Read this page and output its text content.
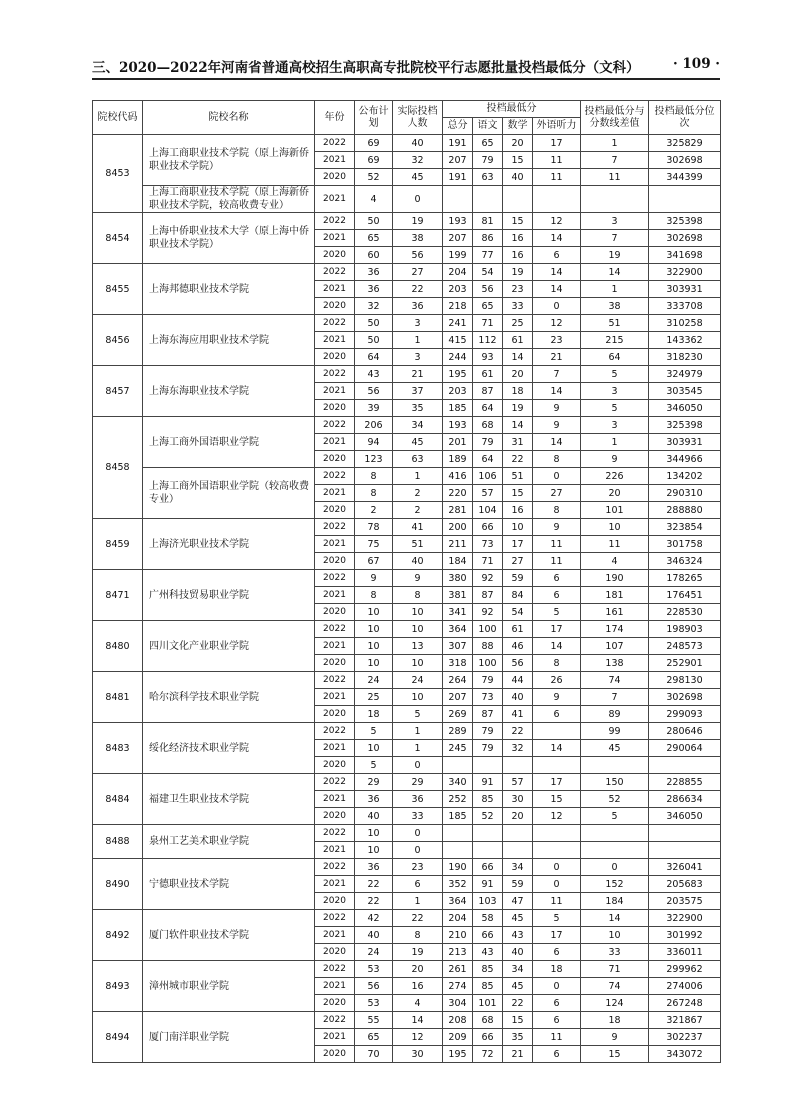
三、2020—2022年河南省普通高校招生高职高专批院校平行志愿批量投档最低分（文科） · 109 ·
院校代码	院校名称	年份	公布计划	实际投档人数	投档最低分				投档最低分与分数线差值	投档最低分位次
					总分	语文	数学	外语听力		
8453	上海工商职业技术学院（原上海新侨职业技术学院）	2022	69	40	191	65	20	17	1	325829
		2021	69	32	207	79	15	11	7	302698
		2020	52	45	191	63	40	11	11	344399
	上海工商职业技术学院（原上海新侨职业技术学院，较高收费专业）	2021	4	0						
8454	上海中侨职业技术大学（原上海中侨职业技术学院）	2022	50	19	193	81	15	12	3	325398
		2021	65	38	207	86	16	14	7	302698
		2020	60	56	199	77	16	6	19	341698
8455	上海邦德职业技术学院	2022	36	27	204	54	19	14	14	322900
		2021	36	22	203	56	23	14	1	303931
		2020	32	36	218	65	33	0	38	333708
8456	上海东海应用职业技术学院	2022	50	3	241	71	25	12	51	310258
		2021	50	1	415	112	61	23	215	143362
		2020	64	3	244	93	14	21	64	318230
8457	上海东海职业技术学院	2022	43	21	195	61	20	7	5	324979
		2021	56	37	203	87	18	14	3	303545
		2020	39	35	185	64	19	9	5	346050
8458	上海工商外国语职业学院	2022	206	34	193	68	14	9	3	325398
		2021	94	45	201	79	31	14	1	303931
		2020	123	63	189	64	22	8	9	344966
	上海工商外国语职业学院（较高收费专业）	2022	8	1	416	106	51	0	226	134202
		2021	8	2	220	57	15	27	20	290310
		2020	2	2	281	104	16	8	101	288880
8459	上海济光职业技术学院	2022	78	41	200	66	10	9	10	323854
		2021	75	51	211	73	17	11	11	301758
		2020	67	40	184	71	27	11	4	346324
8471	广州科技贸易职业学院	2022	9	9	380	92	59	6	190	178265
		2021	8	8	381	87	84	6	181	176451
		2020	10	10	341	92	54	5	161	228530
8480	四川文化产业职业学院	2022	10	10	364	100	61	17	174	198903
		2021	10	13	307	88	46	14	107	248573
		2020	10	10	318	100	56	8	138	252901
8481	哈尔滨科学技术职业学院	2022	24	24	264	79	44	26	74	298130
		2021	25	10	207	73	40	9	7	302698
		2020	18	5	269	87	41	6	89	299093
8483	绥化经济技术职业学院	2022	5	1	289	79	22		99	280646
		2021	10	1	245	79	32	14	45	290064
		2020	5	0						
8484	福建卫生职业技术学院	2022	29	29	340	91	57	17	150	228855
		2021	36	36	252	85	30	15	52	286634
		2020	40	33	185	52	20	12	5	346050
8488	泉州工艺美术职业学院	2022	10	0						
		2021	10	0						
8490	宁德职业技术学院	2022	36	23	190	66	34	0	0	326041
		2021	22	6	352	91	59	0	152	205683
		2020	22	1	364	103	47	11	184	203575
8492	厦门软件职业技术学院	2022	42	22	204	58	45	5	14	322900
		2021	40	8	210	66	43	17	10	301992
		2020	24	19	213	43	40	6	33	336011
8493	漳州城市职业学院	2022	53	20	261	85	34	18	71	299962
		2021	56	16	274	85	45	0	74	274006
		2020	53	4	304	101	22	6	124	267248
8494	厦门南洋职业学院	2022	55	14	208	68	15	6	18	321867
		2021	65	12	209	66	35	11	9	302237
		2020	70	30	195	72	21	6	15	343072
